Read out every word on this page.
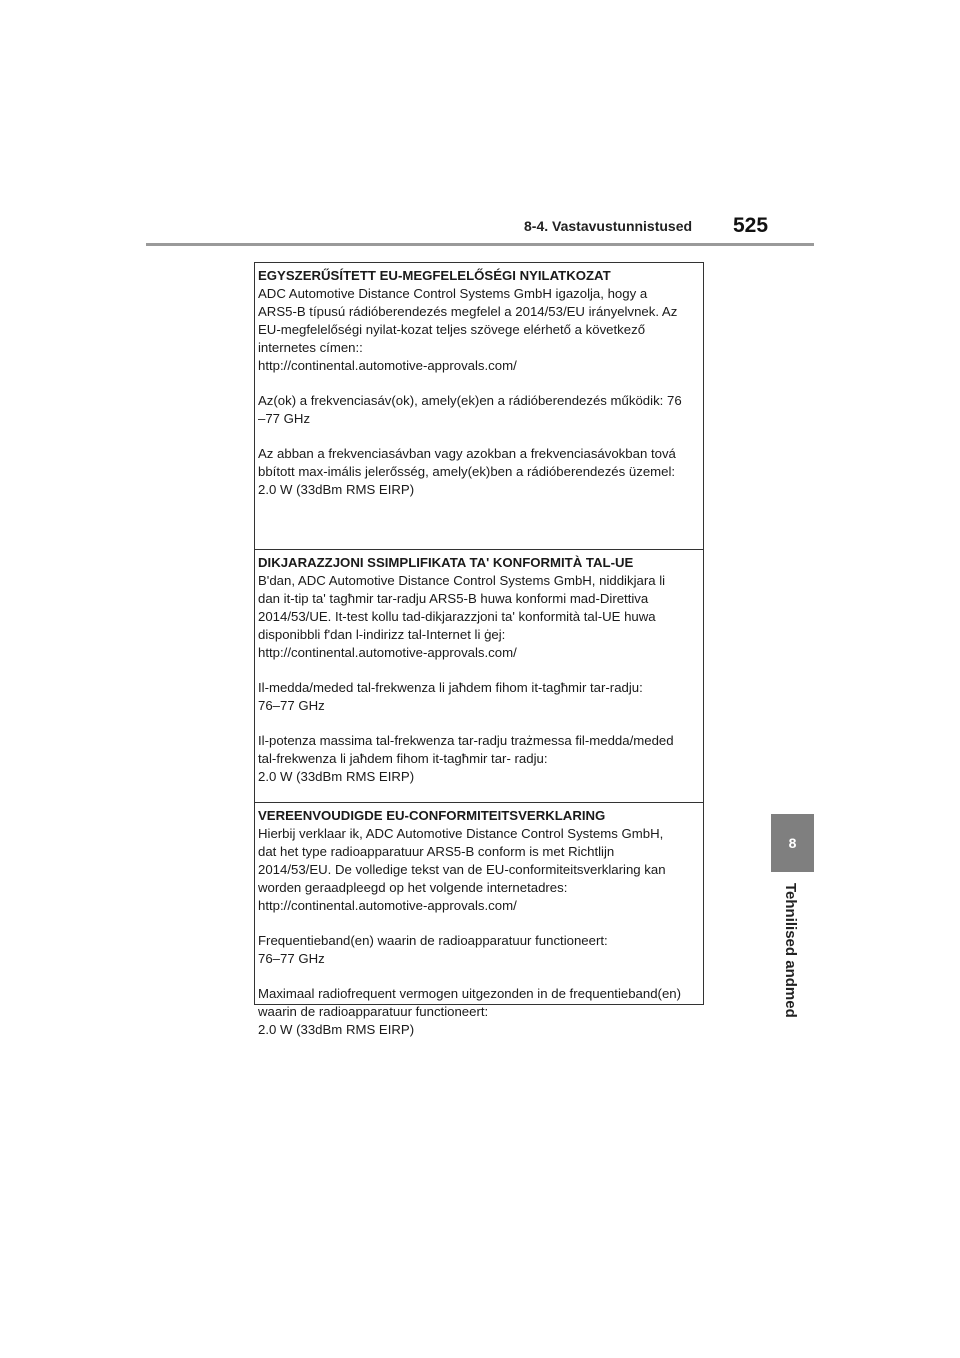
8-4. Vastavustunnistused 525
8
Tehnilised andmed

EGYSZERŰSÍTETT EU-MEGFELELŐSÉGI NYILATKOZAT

ADC Automotive Distance Control Systems GmbH igazolja, hogy a
ARS5-B típusú rádióberendezés megfelel a 2014/53/EU irányelvnek. Az
EU-megfelelőségi nyilat-kozat teljes szövege elérhető a következő
internetes címen::
http://continental.automotive-approvals.com/

Az(ok) a frekvenciasáv(ok), amely(ek)en a rádióberendezés működik: 76
–77 GHz

Az abban a frekvenciasávban vagy azokban a frekvenciasávokban tová
bbított max-imális jelerősség, amely(ek)ben a rádióberendezés üzemel:
2.0 W (33dBm RMS EIRP)

DIKJARAZZJONI SSIMPLIFIKATA TA' KONFORMITÀ TAL-UE

B'dan, ADC Automotive Distance Control Systems GmbH, niddikjara li
dan it-tip ta' tagħmir tar-radju ARS5-B huwa konformi mad-Direttiva
2014/53/UE. It-test kollu tad-dikjarazzjoni ta' konformità tal-UE huwa
disponibbli f'dan l-indirizz tal-Internet li ġej:
http://continental.automotive-approvals.com/

Il-medda/meded tal-frekwenza li jaħdem fihom it-tagħmir tar-radju:
76–77 GHz

Il-potenza massima tal-frekwenza tar-radju trażmessa fil-medda/meded
tal-frekwenza li jaħdem fihom it-tagħmir tar- radju:
2.0 W (33dBm RMS EIRP)

VEREENVOUDIGDE EU-CONFORMITEITSVERKLARING

Hierbij verklaar ik, ADC Automotive Distance Control Systems GmbH,
dat het type radioapparatuur ARS5-B conform is met Richtlijn
2014/53/EU. De volledige tekst van de EU-conformiteitsverklaring kan
worden geraadpleegd op het volgende internetadres:
http://continental.automotive-approvals.com/

Frequentieband(en) waarin de radioapparatuur functioneert:
76–77 GHz

Maximaal radiofrequent vermogen uitgezonden in de frequentieband(en)
waarin de radioapparatuur functioneert:
2.0 W (33dBm RMS EIRP)
